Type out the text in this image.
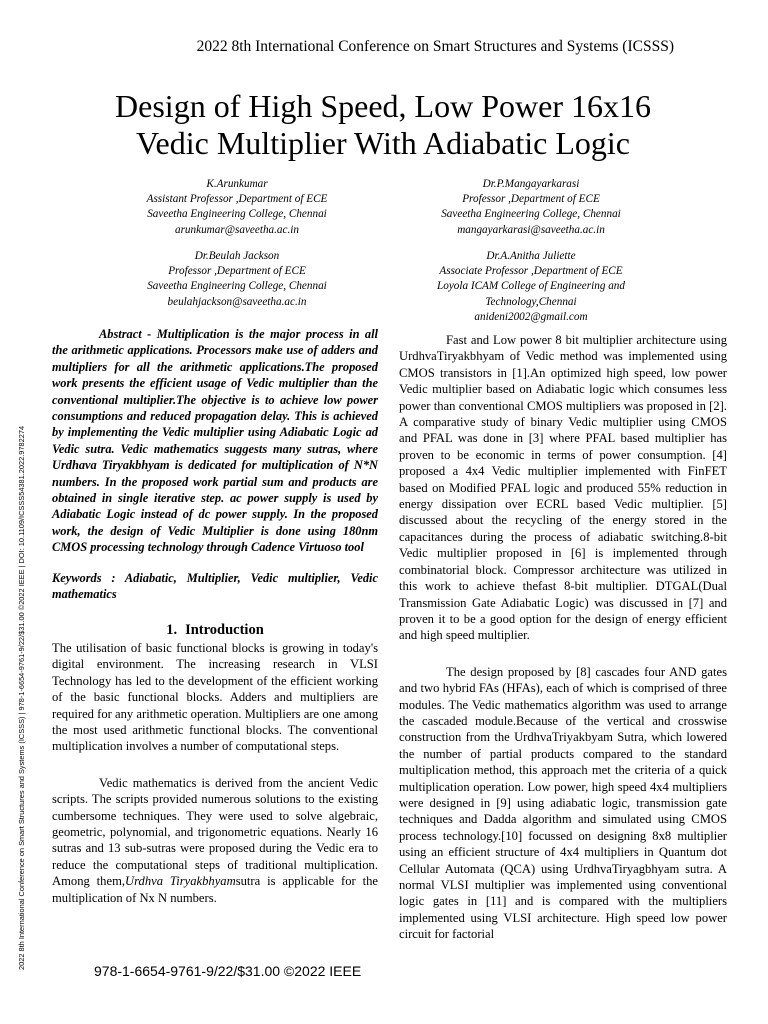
2022 8th International Conference on Smart Structures and Systems (ICSSS)
Design of High Speed, Low Power 16x16
Vedic Multiplier With Adiabatic Logic
K.Arunkumar
Assistant Professor ,Department of ECE
Saveetha Engineering College, Chennai
arunkumar@saveetha.ac.in
Dr.P.Mangayarkarasi
Professor ,Department of ECE
Saveetha Engineering College, Chennai
mangayarkarasi@saveetha.ac.in
Dr.Beulah Jackson
Professor ,Department of ECE
Saveetha Engineering College, Chennai
beulahjackson@saveetha.ac.in
Dr.A.Anitha Juliette
Associate Professor ,Department of ECE
Loyola ICAM College of Engineering and
Technology,Chennai
anideni2002@gmail.com
2022 8th International Conference on Smart Structures and Systems (ICSSS) | 978-1-6654-9761-9/22/$31.00 ©2022 IEEE | DOI: 10.1109/ICSSS54381.2022.9782274

Abstract - Multiplication is the major process in all the arithmetic applications. Processors make use of adders and multipliers for all the arithmetic applications.The proposed work presents the efficient usage of Vedic multiplier than the conventional multiplier.The objective is to achieve low power consumptions and reduced propagation delay. This is achieved by implementing the Vedic multiplier using Adiabatic Logic ad Vedic sutra. Vedic mathematics suggests many sutras, where Urdhava Tiryakbhyam is dedicated for multiplication of N*N numbers. In the proposed work partial sum and products are obtained in single iterative step. ac power supply is used by Adiabatic Logic instead of dc power supply. In the proposed work, the design of Vedic Multiplier is done using 180nm CMOS processing technology through Cadence Virtuoso tool

Keywords : Adiabatic, Multiplier, Vedic multiplier, Vedic mathematics

1. Introduction

The utilisation of basic functional blocks is growing in today's digital environment. The increasing research in VLSI Technology has led to the development of the efficient working of the basic functional blocks. Adders and multipliers are required for any arithmetic operation. Multipliers are one among the most used arithmetic functional blocks. The conventional multiplication involves a number of computational steps.

Vedic mathematics is derived from the ancient Vedic scripts. The scripts provided numerous solutions to the existing cumbersome techniques. They were used to solve algebraic, geometric, polynomial, and trigonometric equations. Nearly 16 sutras and 13 sub-sutras were proposed during the Vedic era to reduce the computational steps of traditional multiplication. Among them,Urdhva Tiryakbhyamsutra is applicable for the multiplication of Nx N numbers.

Fast and Low power 8 bit multiplier architecture using UrdhvaTiryakbhyam of Vedic method was implemented using CMOS transistors in [1].An optimized high speed, low power Vedic multiplier based on Adiabatic logic which consumes less power than conventional CMOS multipliers was proposed in [2]. A comparative study of binary Vedic multiplier using CMOS and PFAL was done in [3] where PFAL based multiplier has proven to be economic in terms of power consumption. [4] proposed a 4x4 Vedic multiplier implemented with FinFET based on Modified PFAL logic and produced 55% reduction in energy dissipation over ECRL based Vedic multiplier. [5] discussed about the recycling of the energy stored in the capacitances during the process of adiabatic switching.8-bit Vedic multiplier proposed in [6] is implemented through combinatorial block. Compressor architecture was utilized in this work to achieve thefast 8-bit multiplier. DTGAL(Dual Transmission Gate Adiabatic Logic) was discussed in [7] and proven it to be a good option for the design of energy efficient and high speed multiplier.

The design proposed by [8] cascades four AND gates and two hybrid FAs (HFAs), each of which is comprised of three modules. The Vedic mathematics algorithm was used to arrange the cascaded module.Because of the vertical and crosswise construction from the UrdhvaTriyakbyam Sutra, which lowered the number of partial products compared to the standard multiplication method, this approach met the criteria of a quick multiplication operation. Low power, high speed 4x4 multipliers were designed in [9] using adiabatic logic, transmission gate techniques and Dadda algorithm and simulated using CMOS process technology.[10] focussed on designing 8x8 multiplier using an efficient structure of 4x4 multipliers in Quantum dot Cellular Automata (QCA) using UrdhvaTiryagbhyam sutra. A normal VLSI multiplier was implemented using conventional logic gates in [11] and is compared with the multipliers implemented using VLSI architecture. High speed low power circuit for factorial

978-1-6654-9761-9/22/$31.00 ©2022 IEEE
